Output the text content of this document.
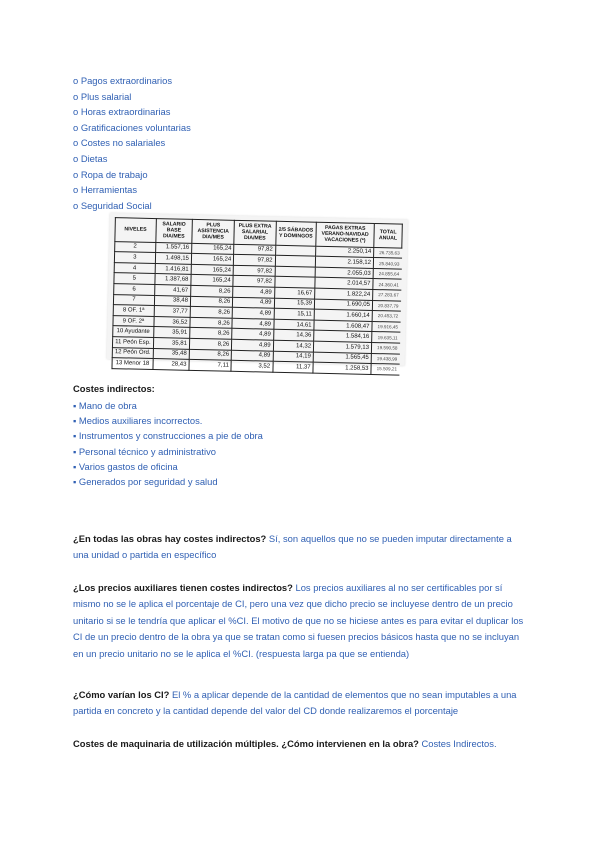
o Pagos extraordinarios
o Plus salarial
o Horas extraordinarias
o Gratificaciones voluntarias
o Costes no salariales
o Dietas
o Ropa de trabajo
o Herramientas
o Seguridad Social
NIVELES	SALARIO BASE DIA/MES	PLUS ASISTENCIA DIA/MES	PLUS EXTRA SALARIAL DIA/MES	2/5 SÁBADOS Y DOMINGOS	PAGAS EXTRAS VERANO-NAVIDAD VACACIONES (*)	TOTAL ANUAL
2	1.557,16	165,24	97,82		2.250,14	26.735,63
3	1.498,15	165,24	97,82		2.158,12	25.840,93
4	1.416,81	165,24	97,82		2.055,03	24.855,64
5	1.387,68	165,24	97,82		2.014,57	24.360,41
6	41,67	8,26	4,89	16,67	1.822,24	27.283,67
7	38,48	8,26	4,89	15,39	1.690,05	20.837,79
8 OF. 1ª	37,77	8,26	4,89	15,11	1.660,14	20.453,72
9 OF. 2ª	36,52	8,26	4,89	14,61	1.608,47	19.916,45
10 Ayudante	35,91	8,26	4,89	14,36	1.584,16	19.635,11
11 Peón Esp.	35,81	8,26	4,89	14,32	1.579,13	19.590,58
12 Peón Ord.	35,48	8,26	4,89	14,19	1.565,45	19.438,99
13 Menor 18	28,43	7,11	3,52	11,37	1.258,53	15.509,21
Costes indirectos:
▪ Mano de obra
▪ Medios auxiliares incorrectos.
▪ Instrumentos y construcciones a pie de obra
▪ Personal técnico y administrativo
▪ Varios gastos de oficina
▪ Generados por seguridad y salud

¿En todas las obras hay costes indirectos? Sí, son aquellos que no se pueden imputar directamente a una unidad o partida en específico

¿Los precios auxiliares tienen costes indirectos? Los precios auxiliares al no ser certificables por sí mismo no se le aplica el porcentaje de CI, pero una vez que dicho precio se incluyese dentro de un precio unitario si se le tendría que aplicar el %CI. El motivo de que no se hiciese antes es para evitar el duplicar los CI de un precio dentro de la obra ya que se tratan como si fuesen precios básicos hasta que no se incluyan en un precio unitario no se le aplica el %CI. (respuesta larga pa que se entienda)

¿Cómo varían los CI? El % a aplicar depende de la cantidad de elementos que no sean imputables a una partida en concreto y la cantidad depende del valor del CD donde realizaremos el porcentaje

Costes de maquinaria de utilización múltiples. ¿Cómo intervienen en la obra? Costes Indirectos.
